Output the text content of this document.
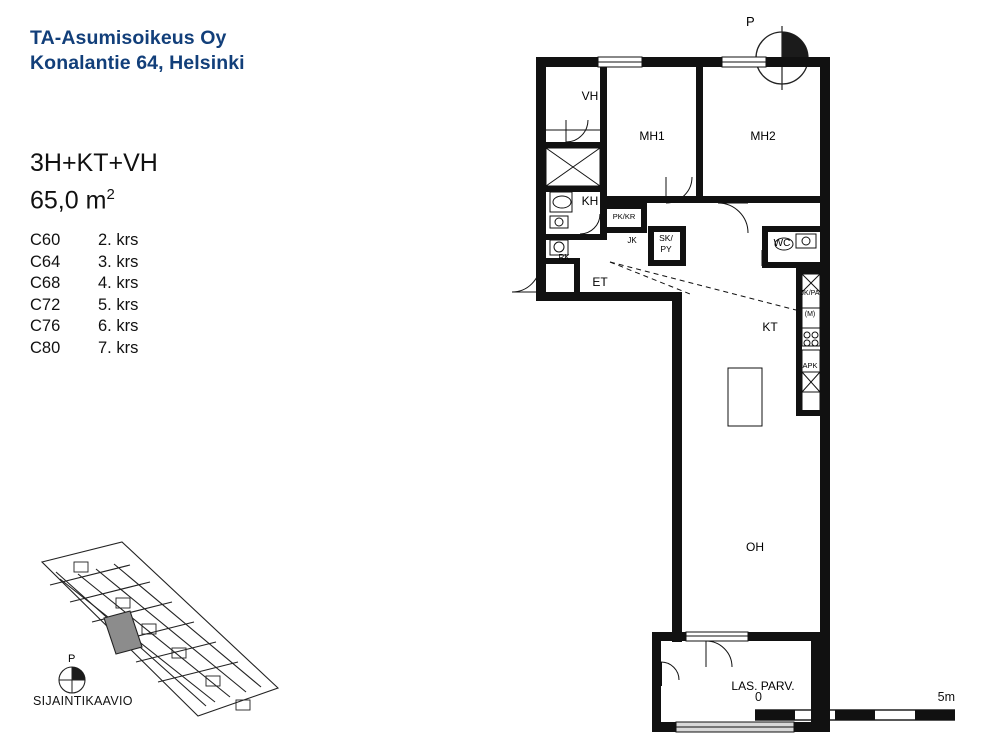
TA-Asumisoikeus Oy
Konalantie 64, Helsinki
3H+KT+VH
65,0 $m^2$
C60	2. krs
C64	3. krs
C68	4. krs
C72	5. krs
C76	6. krs
C80	7. krs
P
SIJAINTIKAAVIO
P
0	5m
VH
MH1	MH2
KH
PK/KR
JK	SK/
PY	WC
RK
ET
JK/PA
(M)
KT
APK
OH
LAS. PARV.
